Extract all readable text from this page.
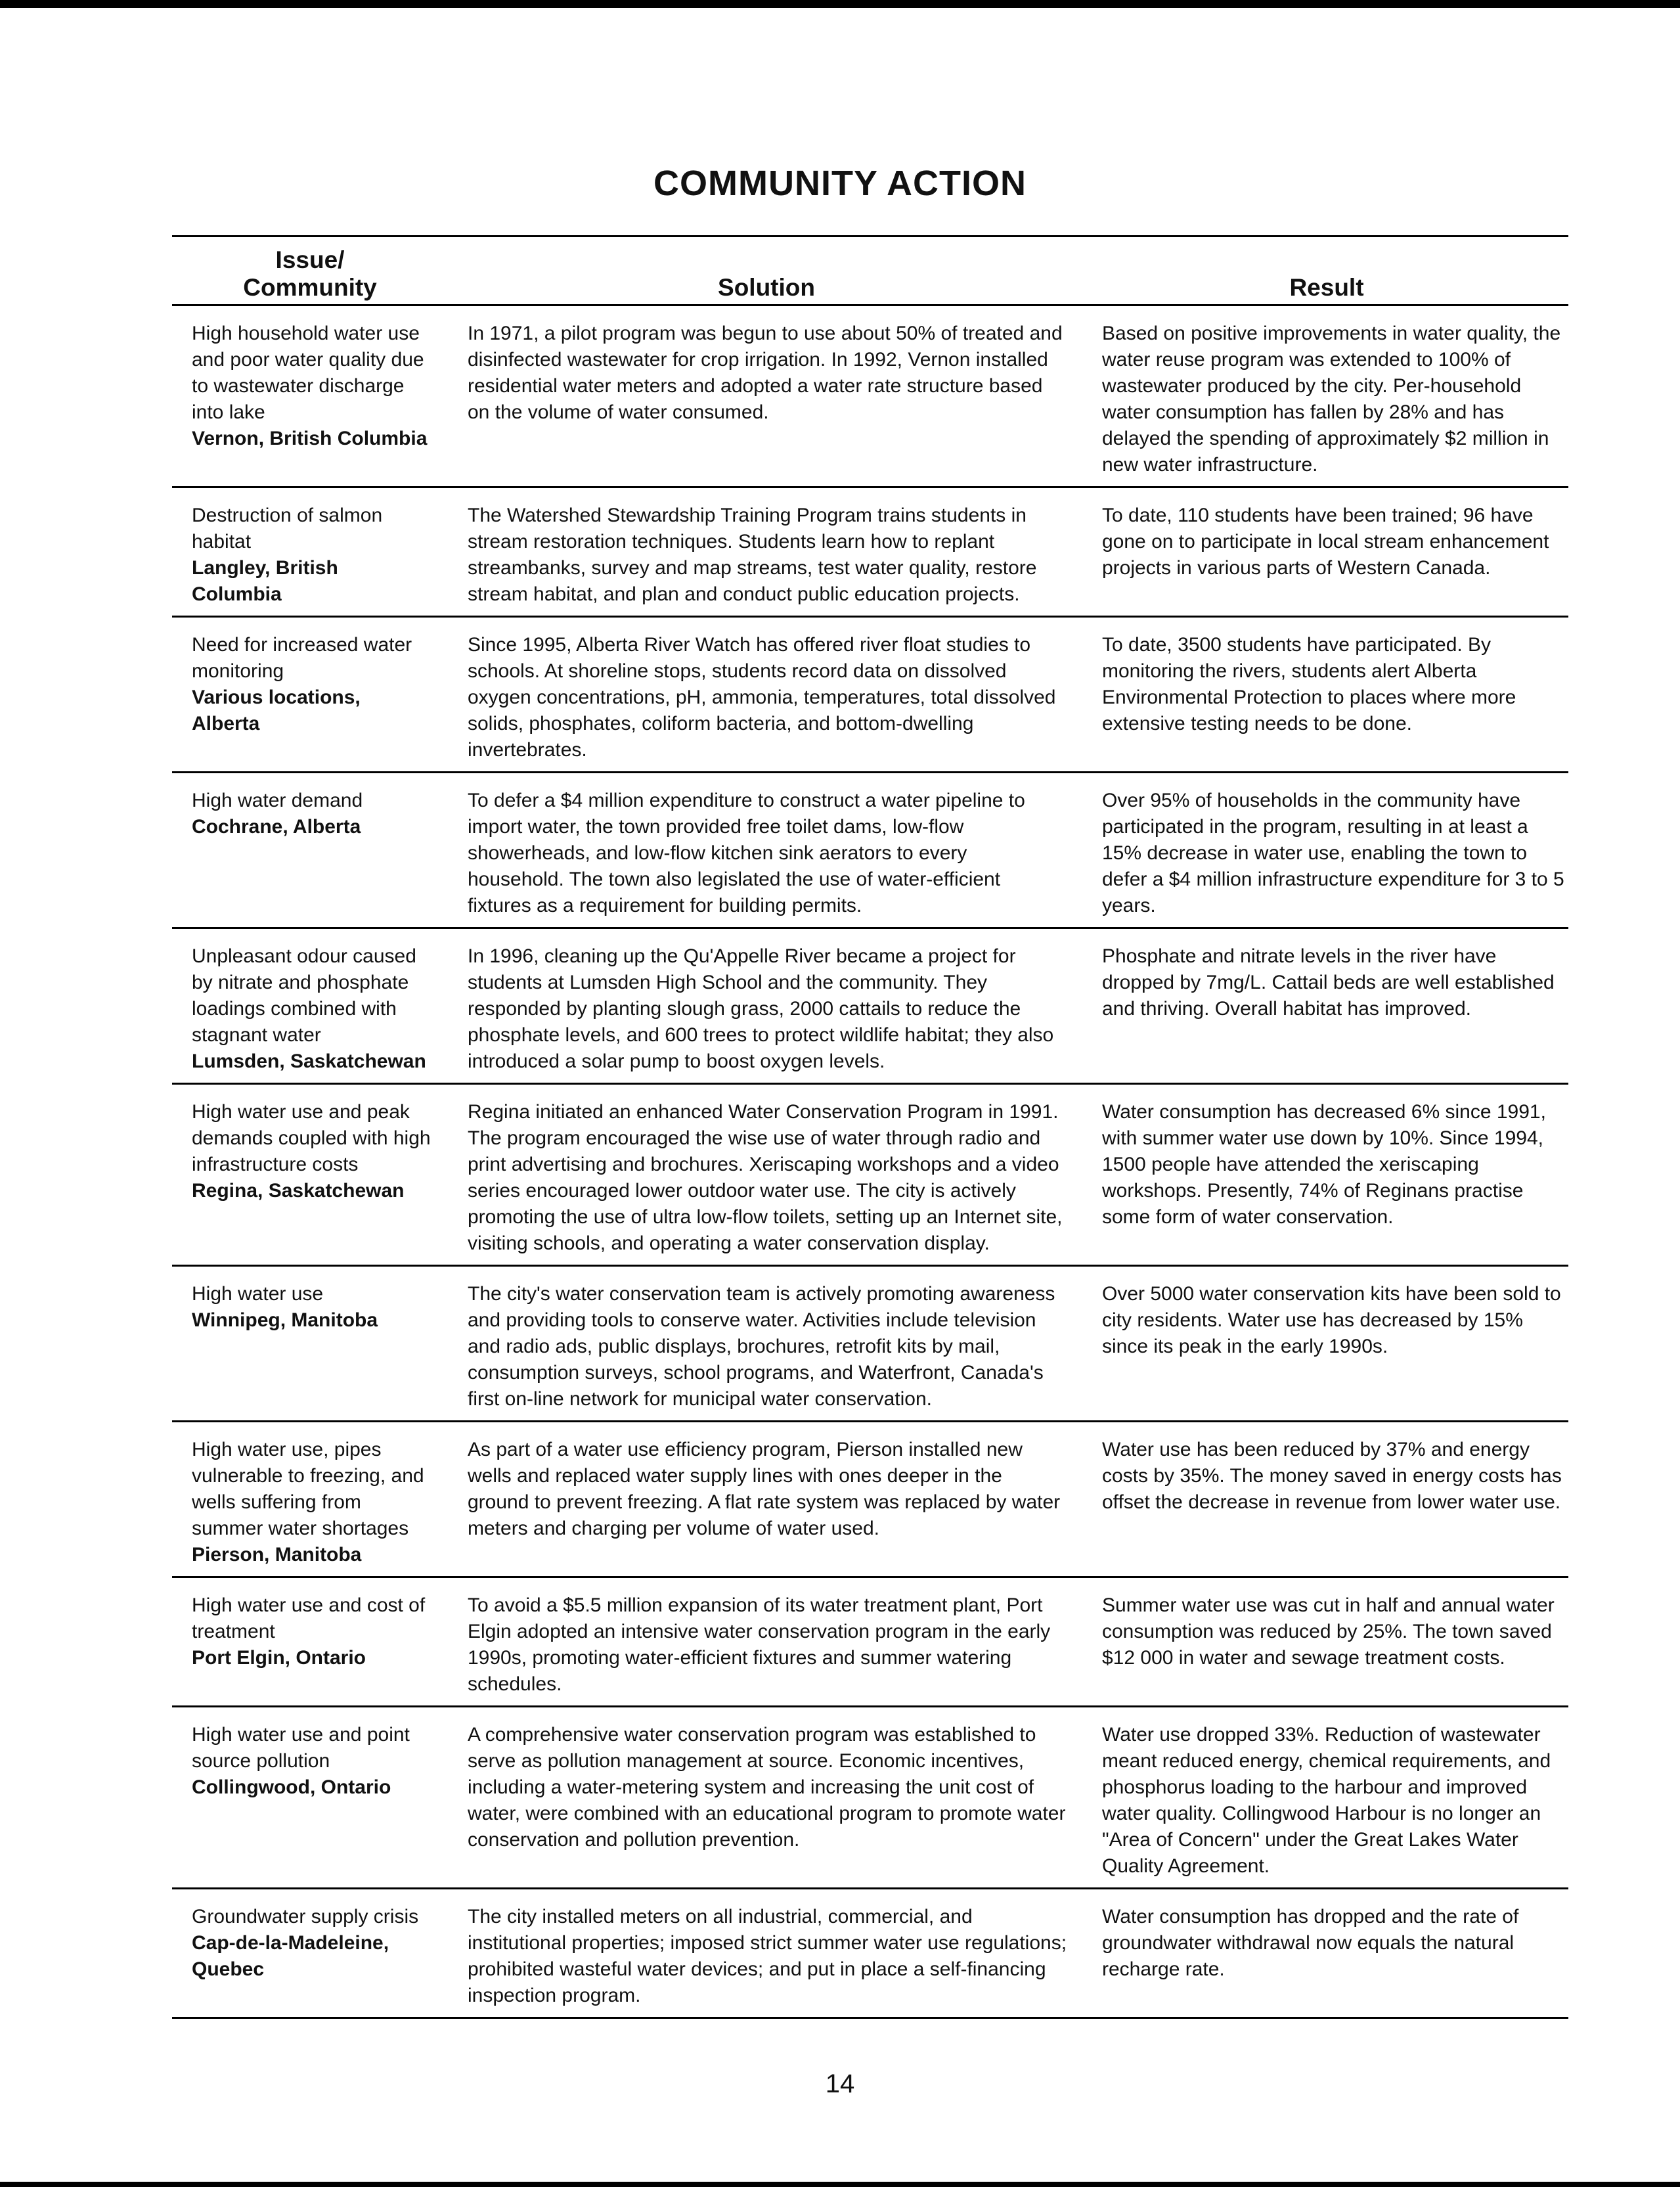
COMMUNITY ACTION
Issue/
Community	Solution	Result
High household water use and poor water quality due to wastewater discharge into lake
Vernon, British Columbia
In 1971, a pilot program was begun to use about 50% of treated and disinfected wastewater for crop irrigation. In 1992, Vernon installed residential water meters and adopted a water rate structure based on the volume of water consumed.
Based on positive improvements in water quality, the water reuse program was extended to 100% of wastewater produced by the city. Per-household water consumption has fallen by 28% and has delayed the spending of approximately $2 million in new water infrastructure.
Destruction of salmon habitat
Langley, British Columbia
The Watershed Stewardship Training Program trains students in stream restoration techniques. Students learn how to replant streambanks, survey and map streams, test water quality, restore stream habitat, and plan and conduct public education projects.
To date, 110 students have been trained; 96 have gone on to participate in local stream enhancement projects in various parts of Western Canada.
Need for increased water monitoring
Various locations, Alberta
Since 1995, Alberta River Watch has offered river float studies to schools. At shoreline stops, students record data on dissolved oxygen concentrations, pH, ammonia, temperatures, total dissolved solids, phosphates, coliform bacteria, and bottom-dwelling invertebrates.
To date, 3500 students have participated. By monitoring the rivers, students alert Alberta Environmental Protection to places where more extensive testing needs to be done.
High water demand
Cochrane, Alberta
To defer a $4 million expenditure to construct a water pipeline to import water, the town provided free toilet dams, low-flow showerheads, and low-flow kitchen sink aerators to every household. The town also legislated the use of water-efficient fixtures as a requirement for building permits.
Over 95% of households in the community have participated in the program, resulting in at least a 15% decrease in water use, enabling the town to defer a $4 million infrastructure expenditure for 3 to 5 years.
Unpleasant odour caused by nitrate and phosphate loadings combined with stagnant water
Lumsden, Saskatchewan
In 1996, cleaning up the Qu'Appelle River became a project for students at Lumsden High School and the community. They responded by planting slough grass, 2000 cattails to reduce the phosphate levels, and 600 trees to protect wildlife habitat; they also introduced a solar pump to boost oxygen levels.
Phosphate and nitrate levels in the river have dropped by 7mg/L. Cattail beds are well established and thriving. Overall habitat has improved.
High water use and peak demands coupled with high infrastructure costs
Regina, Saskatchewan
Regina initiated an enhanced Water Conservation Program in 1991. The program encouraged the wise use of water through radio and print advertising and brochures. Xeriscaping workshops and a video series encouraged lower outdoor water use. The city is actively promoting the use of ultra low-flow toilets, setting up an Internet site, visiting schools, and operating a water conservation display.
Water consumption has decreased 6% since 1991, with summer water use down by 10%. Since 1994, 1500 people have attended the xeriscaping workshops. Presently, 74% of Reginans practise some form of water conservation.
High water use
Winnipeg, Manitoba
The city's water conservation team is actively promoting awareness and providing tools to conserve water. Activities include television and radio ads, public displays, brochures, retrofit kits by mail, consumption surveys, school programs, and Waterfront, Canada's first on-line network for municipal water conservation.
Over 5000 water conservation kits have been sold to city residents. Water use has decreased by 15% since its peak in the early 1990s.
High water use, pipes vulnerable to freezing, and wells suffering from summer water shortages
Pierson, Manitoba
As part of a water use efficiency program, Pierson installed new wells and replaced water supply lines with ones deeper in the ground to prevent freezing. A flat rate system was replaced by water meters and charging per volume of water used.
Water use has been reduced by 37% and energy costs by 35%. The money saved in energy costs has offset the decrease in revenue from lower water use.
High water use and cost of treatment
Port Elgin, Ontario
To avoid a $5.5 million expansion of its water treatment plant, Port Elgin adopted an intensive water conservation program in the early 1990s, promoting water-efficient fixtures and summer watering schedules.
Summer water use was cut in half and annual water consumption was reduced by 25%. The town saved $12 000 in water and sewage treatment costs.
High water use and point source pollution
Collingwood, Ontario
A comprehensive water conservation program was established to serve as pollution management at source. Economic incentives, including a water-metering system and increasing the unit cost of water, were combined with an educational program to promote water conservation and pollution prevention.
Water use dropped 33%. Reduction of wastewater meant reduced energy, chemical requirements, and phosphorus loading to the harbour and improved water quality. Collingwood Harbour is no longer an "Area of Concern" under the Great Lakes Water Quality Agreement.
Groundwater supply crisis
Cap-de-la-Madeleine, Quebec
The city installed meters on all industrial, commercial, and institutional properties; imposed strict summer water use regulations; prohibited wasteful water devices; and put in place a self-financing inspection program.
Water consumption has dropped and the rate of groundwater withdrawal now equals the natural recharge rate.
14
